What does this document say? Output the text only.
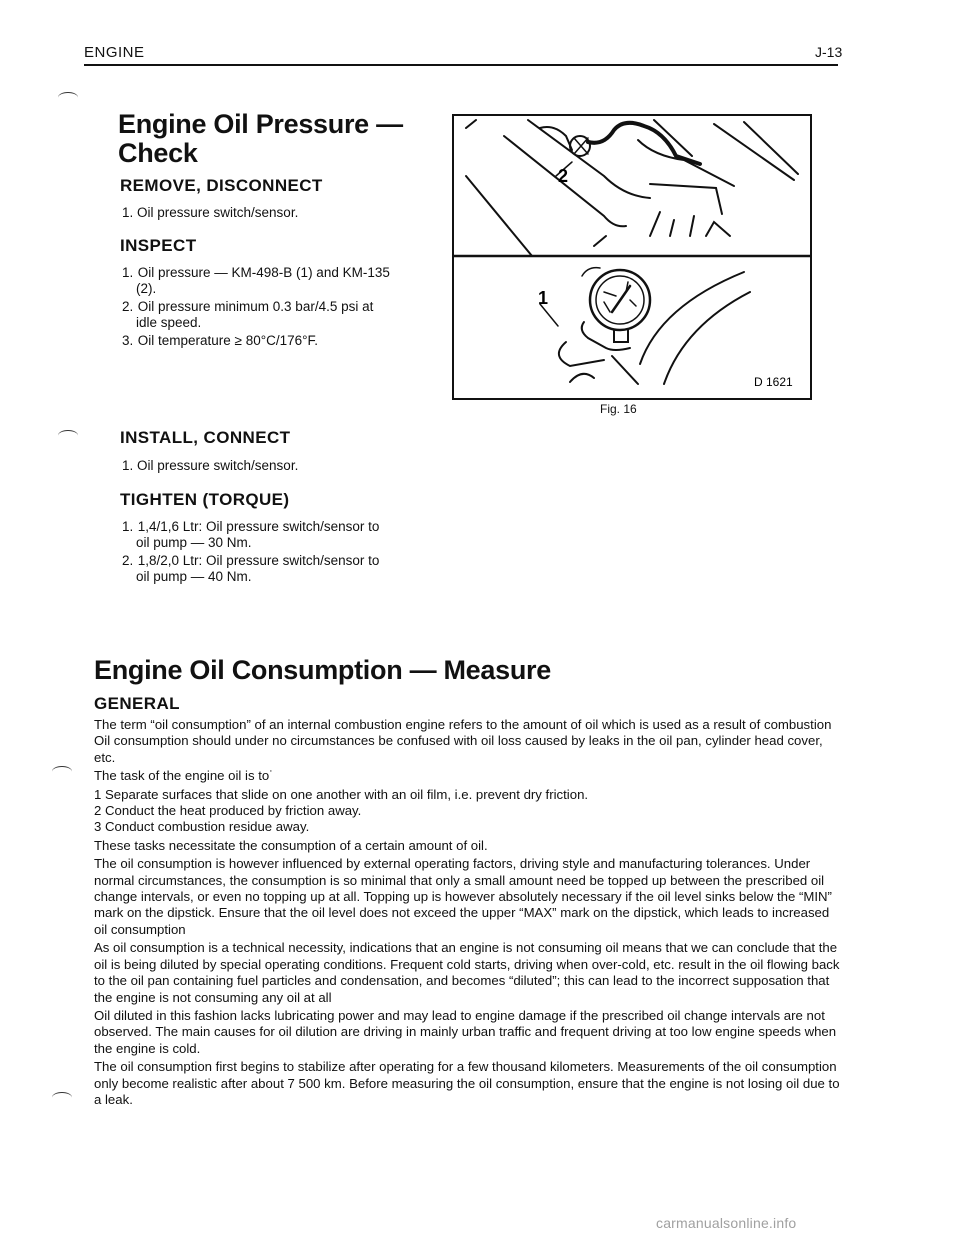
ENGINE	J-13
Engine Oil Pressure —
Check
REMOVE, DISCONNECT
1. Oil pressure switch/sensor.
INSPECT
1. Oil pressure — KM-498-B (1) and KM-135
(2).
2. Oil pressure minimum 0.3 bar/4.5 psi at
idle speed.
3. Oil temperature ≥ 80°C/176°F.
INSTALL, CONNECT
1. Oil pressure switch/sensor.
TIGHTEN (TORQUE)
1. 1,4/1,6 Ltr: Oil pressure switch/sensor to
oil pump — 30 Nm.
2. 1,8/2,0 Ltr: Oil pressure switch/sensor to
oil pump — 40 Nm.
2
1
D 1621
Fig. 16
Engine Oil Consumption — Measure
GENERAL

The term “oil consumption” of an internal combustion engine refers to the amount of oil which is used as a result of combustion Oil consumption should under no circumstances be confused with oil loss caused by leaks in the oil pan, cylinder head cover, etc.

The task of the engine oil is to˙

1 Separate surfaces that slide on one another with an oil film, i.e. prevent dry friction.

2 Conduct the heat produced by friction away.

3 Conduct combustion residue away.

These tasks necessitate the consumption of a certain amount of oil.

The oil consumption is however influenced by external operating factors, driving style and manufacturing tolerances. Under normal circumstances, the consumption is so minimal that only a small amount need be topped up between the prescribed oil change intervals, or even no topping up at all. Topping up is however absolutely necessary if the oil level sinks below the “MIN” mark on the dipstick. Ensure that the oil level does not exceed the upper “MAX” mark on the dipstick, which leads to increased oil consumption

As oil consumption is a technical necessity, indications that an engine is not consuming oil means that we can conclude that the oil is being diluted by special operating conditions. Frequent cold starts, driving when over-cold, etc. result in the oil flowing back to the oil pan containing fuel particles and condensation, and becomes “diluted”; this can lead to the incorrect supposation that the engine is not consuming any oil at all

Oil diluted in this fashion lacks lubricating power and may lead to engine damage if the prescribed oil change intervals are not observed. The main causes for oil dilution are driving in mainly urban traffic and frequent driving at too low engine speeds when the engine is cold.

The oil consumption first begins to stabilize after operating for a few thousand kilometers. Measurements of the oil consumption only become realistic after about 7 500 km. Before measuring the oil consumption, ensure that the engine is not losing oil due to a leak.

carmanualsonline.info
